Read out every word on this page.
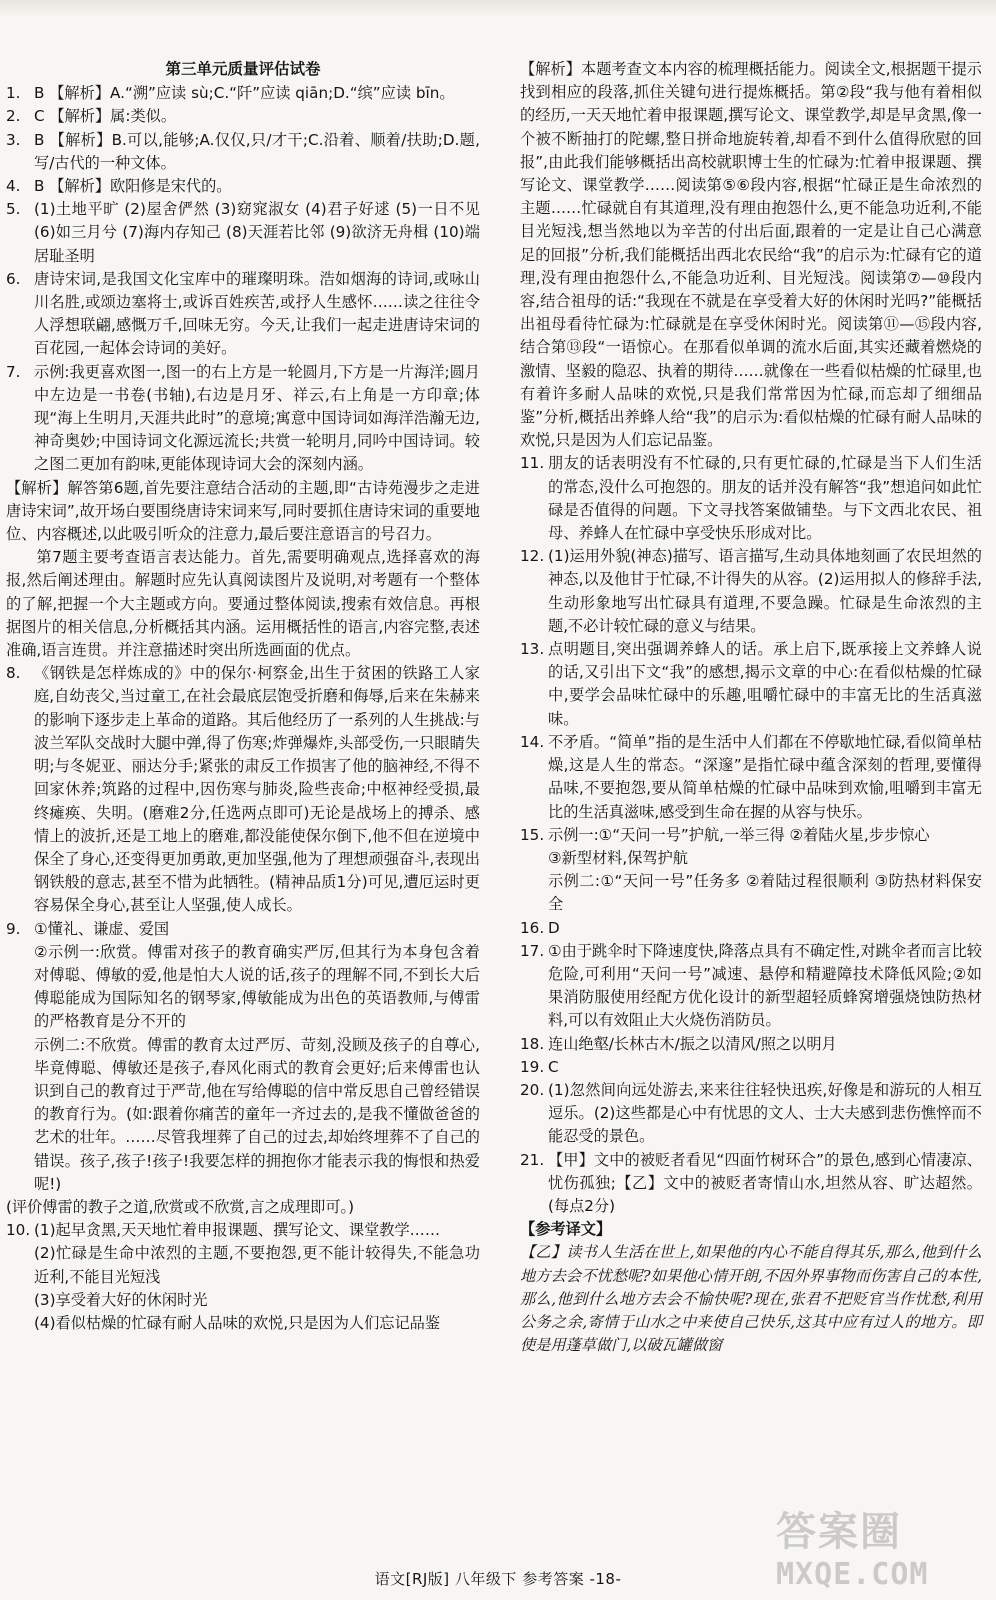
第三单元质量评估试卷
1. B 【解析】A.“溯”应读 sù;C.“阡”应读 qiān;D.“缤”应读 bīn。
2. C 【解析】属:类似。
3. B 【解析】B.可以,能够;A.仅仅,只/才干;C.沿着、顺着/扶助;D.题,写/古代的一种文体。
4. B 【解析】欧阳修是宋代的。
5. (1)土地平旷 (2)屋舍俨然 (3)窈窕淑女 (4)君子好逑 (5)一日不见 (6)如三月兮 (7)海内存知己 (8)天涯若比邻 (9)欲济无舟楫 (10)端居耻圣明
6. 唐诗宋词,是我国文化宝库中的璀璨明珠。浩如烟海的诗词,或咏山川名胜,或颂边塞将士,或诉百姓疾苦,或抒人生感怀……读之往往令人浮想联翩,感慨万千,回味无穷。今天,让我们一起走进唐诗宋词的百花园,一起体会诗词的美好。
7. 示例:我更喜欢图一,图一的右上方是一轮圆月,下方是一片海洋;圆月中左边是一书卷(书轴),右边是月牙、祥云,右上角是一方印章;体现“海上生明月,天涯共此时”的意境;寓意中国诗词如海洋浩瀚无边,神奇奥妙;中国诗词文化源远流长;共赏一轮明月,同吟中国诗词。较之图二更加有韵味,更能体现诗词大会的深刻内涵。
【解析】解答第6题,首先要注意结合活动的主题,即“古诗苑漫步之走进唐诗宋词”,故开场白要围绕唐诗宋词来写,同时要抓住唐诗宋词的重要地位、内容概述,以此吸引听众的注意力,最后要注意语言的号召力。
第7题主要考查语言表达能力。首先,需要明确观点,选择喜欢的海报,然后阐述理由。解题时应先认真阅读图片及说明,对考题有一个整体的了解,把握一个大主题或方向。要通过整体阅读,搜索有效信息。再根据图片的相关信息,分析概括其内涵。运用概括性的语言,内容完整,表述准确,语言连贯。并注意描述时突出所选画面的优点。
8. 《钢铁是怎样炼成的》中的保尔·柯察金,出生于贫困的铁路工人家庭,自幼丧父,当过童工,在社会最底层饱受折磨和侮辱,后来在朱赫来的影响下逐步走上革命的道路。其后他经历了一系列的人生挑战:与波兰军队交战时大腿中弹,得了伤寒;炸弹爆炸,头部受伤,一只眼睛失明;与冬妮亚、丽达分手;紧张的肃反工作损害了他的脑神经,不得不回家休养;筑路的过程中,因伤寒与肺炎,险些丧命;中枢神经受损,最终瘫痪、失明。(磨难2分,任选两点即可)无论是战场上的搏杀、感情上的波折,还是工地上的磨难,都没能使保尔倒下,他不但在逆境中保全了身心,还变得更加勇敢,更加坚强,他为了理想顽强奋斗,表现出钢铁般的意志,甚至不惜为此牺牲。(精神品质1分)可见,遭厄运时更容易保全身心,甚至让人坚强,使人成长。
9. ①懂礼、谦虚、爱国
②示例一:欣赏。傅雷对孩子的教育确实严厉,但其行为本身包含着对傅聪、傅敏的爱,他是怕大人说的话,孩子的理解不同,不到长大后傅聪能成为国际知名的钢琴家,傅敏能成为出色的英语教师,与傅雷的严格教育是分不开的
示例二:不欣赏。傅雷的教育太过严厉、苛刻,没顾及孩子的自尊心,毕竟傅聪、傅敏还是孩子,春风化雨式的教育会更好;后来傅雷也认识到自己的教育过于严苛,他在写给傅聪的信中常反思自己曾经错误的教育行为。(如:跟着你痛苦的童年一齐过去的,是我不懂做爸爸的艺术的壮年。……尽管我埋葬了自己的过去,却始终埋葬不了自己的错误。孩子,孩子!孩子!我要怎样的拥抱你才能表示我的悔恨和热爱呢!)
(评价傅雷的教子之道,欣赏或不欣赏,言之成理即可。)
10. (1)起早贪黑,天天地忙着申报课题、撰写论文、课堂教学……
(2)忙碌是生命中浓烈的主题,不要抱怨,更不能计较得失,不能急功近利,不能目光短浅
(3)享受着大好的休闲时光
(4)看似枯燥的忙碌有耐人品味的欢悦,只是因为人们忘记品鉴
【解析】本题考查文本内容的梳理概括能力。阅读全文,根据题干提示找到相应的段落,抓住关键句进行提炼概括。第②段“我与他有着相似的经历,一天天地忙着申报课题,撰写论文、课堂教学,却是早贪黑,像一个被不断抽打的陀螺,整日拼命地旋转着,却看不到什么值得欣慰的回报”,由此我们能够概括出高校就职博士生的忙碌为:忙着申报课题、撰写论文、课堂教学……阅读第⑤⑥段内容,根据“忙碌正是生命浓烈的主题……忙碌就自有其道理,没有理由抱怨什么,更不能急功近利,不能目光短浅,想当然地以为辛苦的付出后面,跟着的一定是让自己心满意足的回报”分析,我们能概括出西北农民给“我”的启示为:忙碌有它的道理,没有理由抱怨什么,不能急功近利、目光短浅。阅读第⑦—⑩段内容,结合祖母的话:“我现在不就是在享受着大好的休闲时光吗?”能概括出祖母看待忙碌为:忙碌就是在享受休闲时光。阅读第⑪—⑮段内容,结合第⑬段“一语惊心。在那看似单调的流水后面,其实还藏着燃烧的激情、坚毅的隐忍、执着的期待……就像在一些看似枯燥的忙碌里,也有着许多耐人品味的欢悦,只是我们常常因为忙碌,而忘却了细细品鉴”分析,概括出养蜂人给“我”的启示为:看似枯燥的忙碌有耐人品味的欢悦,只是因为人们忘记品鉴。
11. 朋友的话表明没有不忙碌的,只有更忙碌的,忙碌是当下人们生活的常态,没什么可抱怨的。朋友的话并没有解答“我”想追问如此忙碌是否值得的问题。下文寻找答案做铺垫。与下文西北农民、祖母、养蜂人在忙碌中享受快乐形成对比。
12. (1)运用外貌(神态)描写、语言描写,生动具体地刻画了农民坦然的神态,以及他甘于忙碌,不计得失的从容。(2)运用拟人的修辞手法,生动形象地写出忙碌具有道理,不要急躁。忙碌是生命浓烈的主题,不必计较忙碌的意义与结果。
13. 点明题目,突出强调养蜂人的话。承上启下,既承接上文养蜂人说的话,又引出下文“我”的感想,揭示文章的中心:在看似枯燥的忙碌中,要学会品味忙碌中的乐趣,咀嚼忙碌中的丰富无比的生活真滋味。
14. 不矛盾。“简单”指的是生活中人们都在不停歇地忙碌,看似简单枯燥,这是人生的常态。“深邃”是指忙碌中蕴含深刻的哲理,要懂得品味,不要抱怨,要从简单枯燥的忙碌中品味到欢愉,咀嚼到丰富无比的生活真滋味,感受到生命在握的从容与快乐。
15. 示例一:①“天问一号”护航,一举三得 ②着陆火星,步步惊心
③新型材料,保驾护航
示例二:①“天问一号”任务多 ②着陆过程很顺利 ③防热材料保安全
16. D
17. ①由于跳伞时下降速度快,降落点具有不确定性,对跳伞者而言比较危险,可利用“天问一号”减速、悬停和精避障技术降低风险;②如果消防服使用经配方优化设计的新型超轻质蜂窝增强烧蚀防热材料,可以有效阻止大火烧伤消防员。
18. 连山绝壑/长林古木/振之以清风/照之以明月
19. C
20. (1)忽然间向远处游去,来来往往轻快迅疾,好像是和游玩的人相互逗乐。(2)这些都是心中有忧思的文人、士大夫感到悲伤憔悴而不能忍受的景色。
21. 【甲】文中的被贬者看见“四面竹树环合”的景色,感到心情凄凉、忧伤孤独;【乙】文中的被贬者寄情山水,坦然从容、旷达超然。(每点2分)
【参考译文】
【乙】读书人生活在世上,如果他的内心不能自得其乐,那么,他到什么地方去会不忧愁呢?如果他心情开朗,不因外界事物而伤害自己的本性,那么,他到什么地方去会不愉快呢?现在,张君不把贬官当作忧愁,利用公务之余,寄情于山水之中来使自己快乐,这其中应有过人的地方。即使是用蓬草做门,以破瓦罐做窗
语文[RJ版] 八年级下 参考答案 -18-
答案圈
MXQE.COM
